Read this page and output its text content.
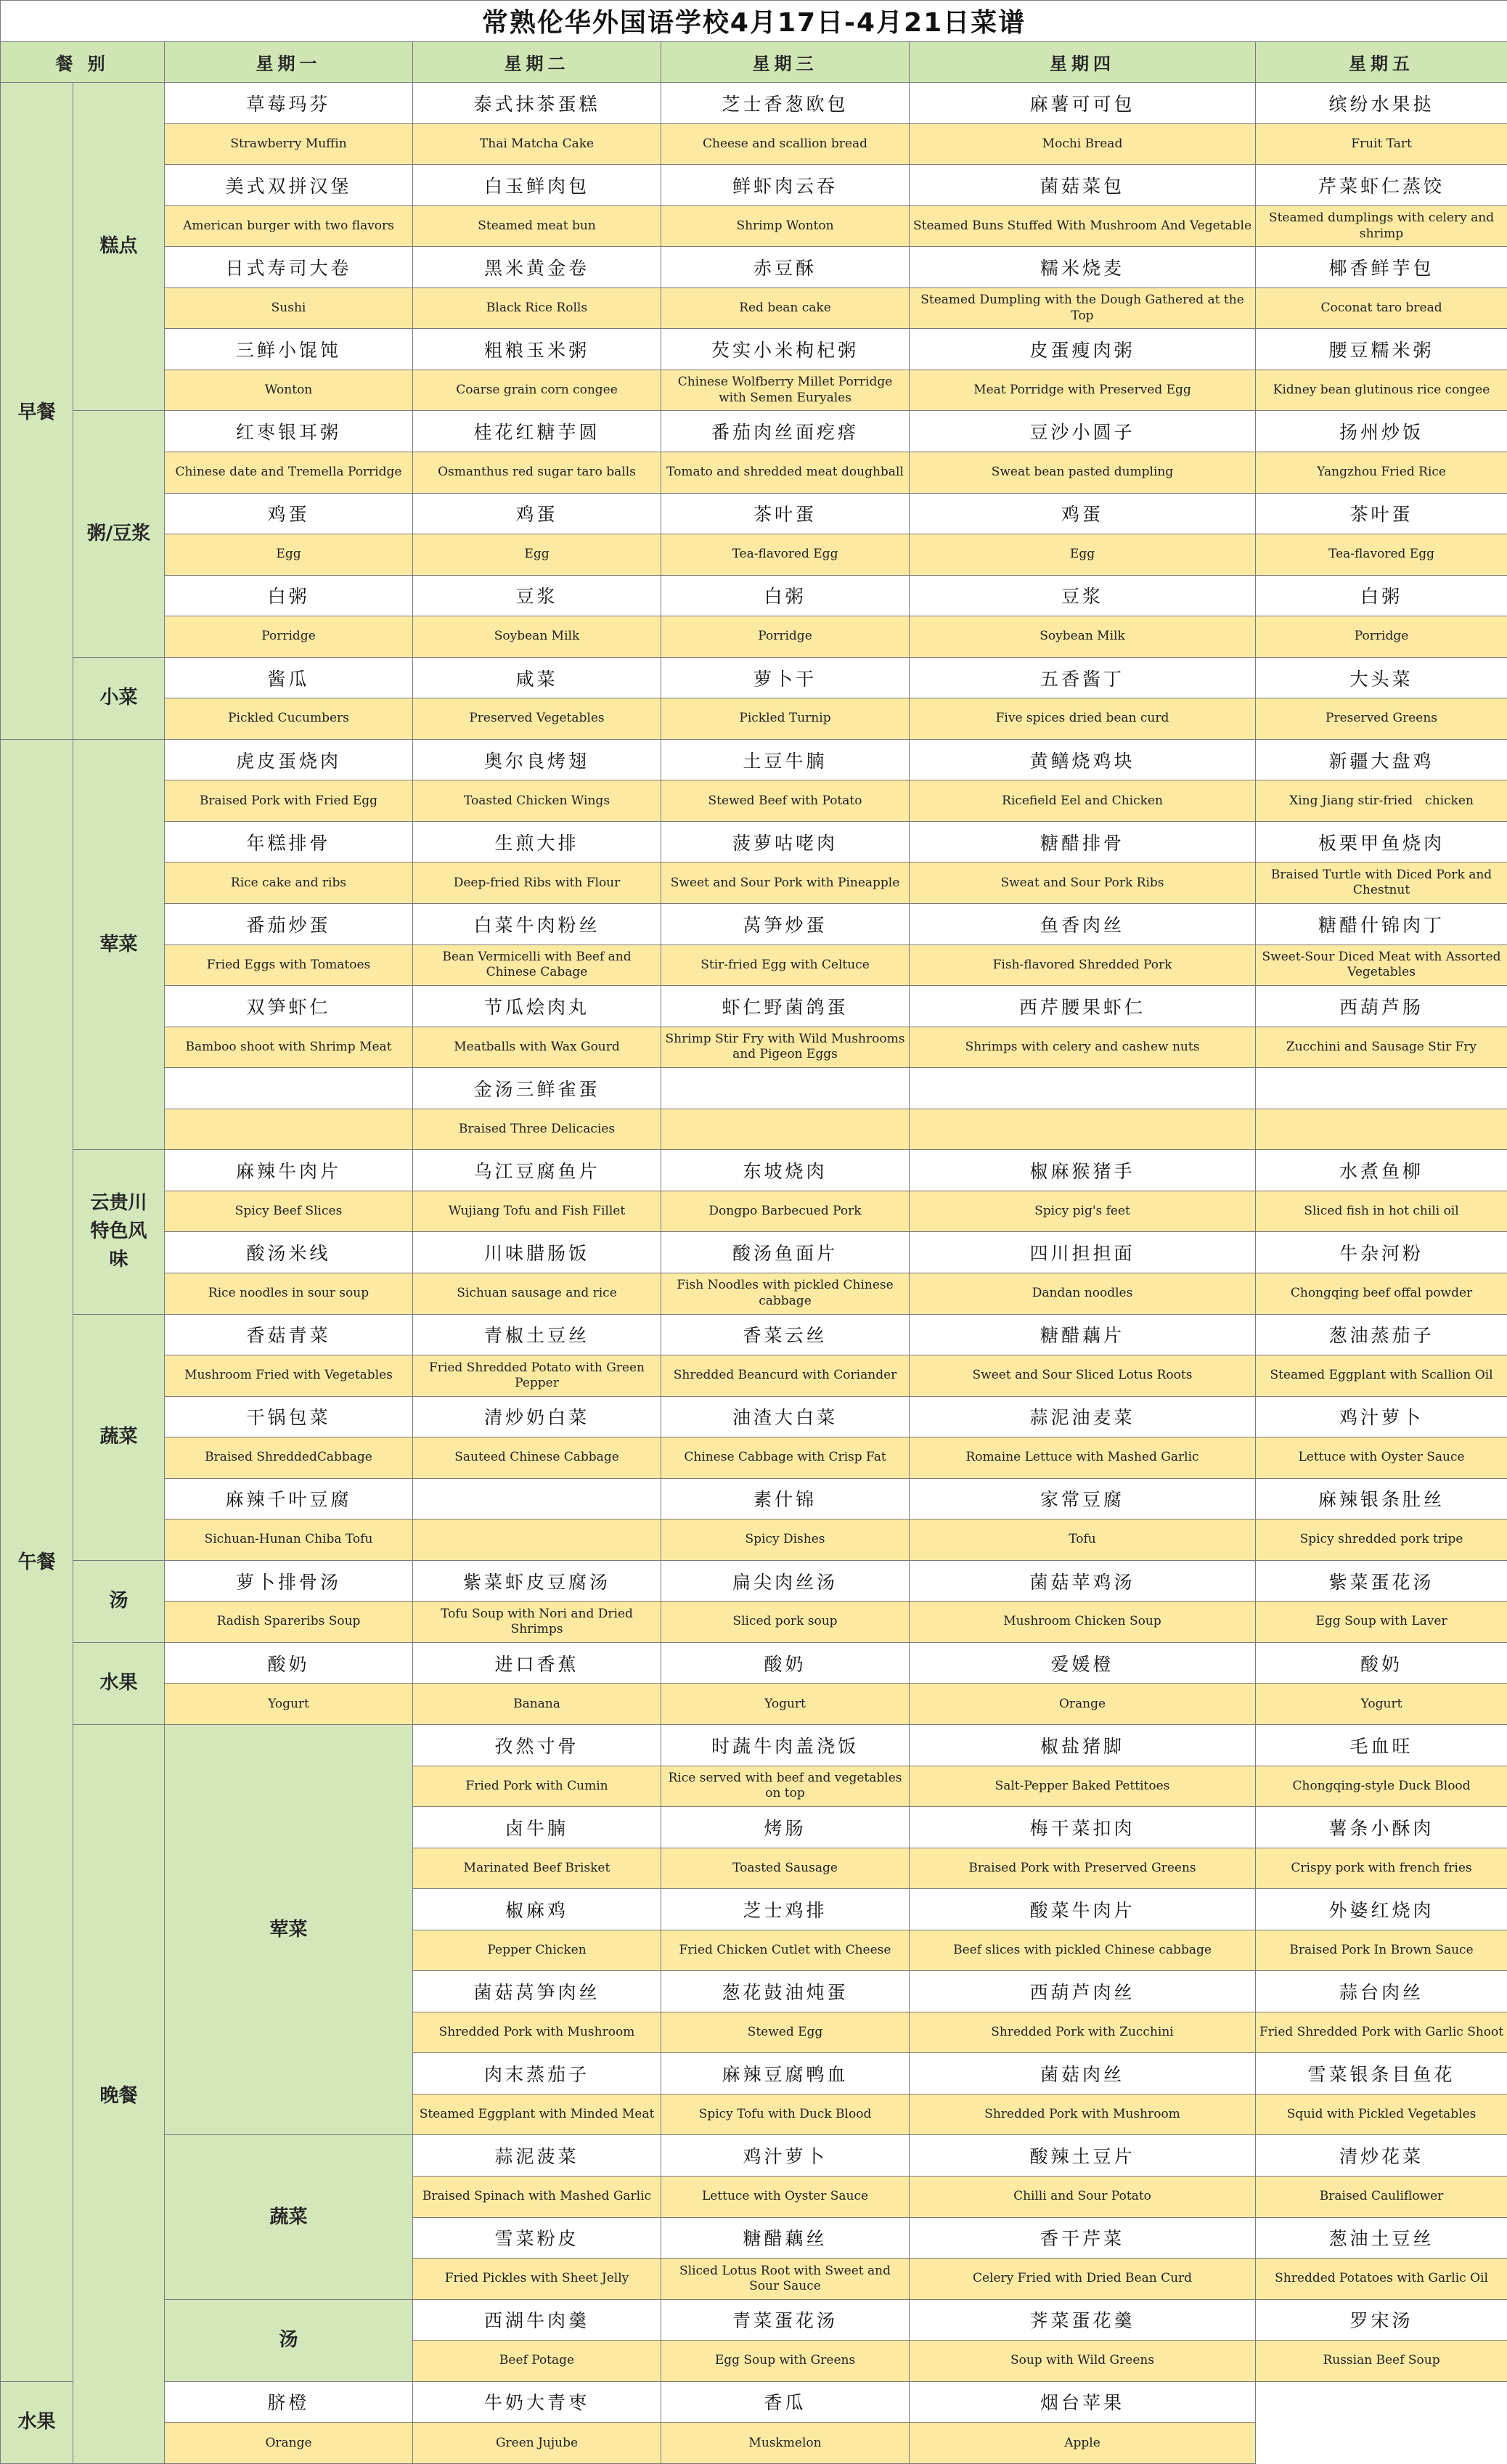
常熟伦华外国语学校4月17日-4月21日菜谱							
餐 别		星期一	星期二	星期三	星期四	星期五	
早餐	糕点	草莓玛芬	泰式抹茶蛋糕	芝士香葱欧包	麻薯可可包	缤纷水果挞	
		Strawberry Muffin	Thai Matcha Cake	Cheese and scallion bread	Mochi Bread	Fruit Tart	
		美式双拼汉堡	白玉鲜肉包	鲜虾肉云吞	菌菇菜包	芹菜虾仁蒸饺	
		American burger with two flavors	Steamed meat bun	Shrimp Wonton	Steamed Buns Stuffed With Mushroom And Vegetable	Steamed dumplings with celery and shrimp	
		日式寿司大卷	黑米黄金卷	赤豆酥	糯米烧麦	椰香鲜芋包	
		Sushi	Black Rice Rolls	Red bean cake	Steamed Dumpling with the Dough Gathered at the Top	Coconat taro bread	
		三鲜小馄饨	粗粮玉米粥	芡实小米枸杞粥	皮蛋瘦肉粥	腰豆糯米粥	
		Wonton	Coarse grain corn congee	Chinese Wolfberry Millet Porridge with Semen Euryales	Meat Porridge with Preserved Egg	Kidney bean glutinous rice congee	
	粥/豆浆	红枣银耳粥	桂花红糖芋圆	番茄肉丝面疙瘩	豆沙小圆子	扬州炒饭	
		Chinese date and Tremella Porridge	Osmanthus red sugar taro balls	Tomato and shredded meat doughball	Sweat bean pasted dumpling	Yangzhou Fried Rice	
		鸡蛋	鸡蛋	茶叶蛋	鸡蛋	茶叶蛋	
		Egg	Egg	Tea-flavored Egg	Egg	Tea-flavored Egg	
		白粥	豆浆	白粥	豆浆	白粥	
		Porridge	Soybean Milk	Porridge	Soybean Milk	Porridge	
	小菜	酱瓜	咸菜	萝卜干	五香酱丁	大头菜	
		Pickled Cucumbers	Preserved Vegetables	Pickled Turnip	Five spices dried bean curd	Preserved Greens	
午餐	荤菜	虎皮蛋烧肉	奥尔良烤翅	土豆牛腩	黄鳝烧鸡块	新疆大盘鸡	
		Braised Pork with Fried Egg	Toasted Chicken Wings	Stewed Beef with Potato	Ricefield Eel and Chicken	Xing Jiang stir-fried　chicken	
		年糕排骨	生煎大排	菠萝咕咾肉	糖醋排骨	板栗甲鱼烧肉	
		Rice cake and ribs	Deep-fried Ribs with Flour	Sweet and Sour Pork with Pineapple	Sweat and Sour Pork Ribs	Braised Turtle with Diced Pork and Chestnut	
		番茄炒蛋	白菜牛肉粉丝	莴笋炒蛋	鱼香肉丝	糖醋什锦肉丁	
		Fried Eggs with Tomatoes	Bean Vermicelli with Beef and Chinese Cabage	Stir-fried Egg with Celtuce	Fish-flavored Shredded Pork	Sweet-Sour Diced Meat with Assorted Vegetables	
		双笋虾仁	节瓜烩肉丸	虾仁野菌鸽蛋	西芹腰果虾仁	西葫芦肠	
		Bamboo shoot with Shrimp Meat	Meatballs with Wax Gourd	Shrimp Stir Fry with Wild Mushrooms and Pigeon Eggs	Shrimps with celery and cashew nuts	Zucchini and Sausage Stir Fry	
			金汤三鲜雀蛋				
			Braised Three Delicacies				
	云贵川特色风味	麻辣牛肉片	乌江豆腐鱼片	东坡烧肉	椒麻猴猪手	水煮鱼柳	
		Spicy Beef Slices	Wujiang Tofu and Fish Fillet	Dongpo Barbecued Pork	Spicy pig's feet	Sliced fish in hot chili oil	
		酸汤米线	川味腊肠饭	酸汤鱼面片	四川担担面	牛杂河粉	
		Rice noodles in sour soup	Sichuan sausage and rice	Fish Noodles with pickled Chinese cabbage	Dandan noodles	Chongqing beef offal powder	
	蔬菜	香菇青菜	青椒土豆丝	香菜云丝	糖醋藕片	葱油蒸茄子	
		Mushroom Fried with Vegetables	Fried Shredded Potato with Green Pepper	Shredded Beancurd with Coriander	Sweet and Sour Sliced Lotus Roots	Steamed Eggplant with Scallion Oil	
		干锅包菜	清炒奶白菜	油渣大白菜	蒜泥油麦菜	鸡汁萝卜	
		Braised ShreddedCabbage	Sauteed Chinese Cabbage	Chinese Cabbage with Crisp Fat	Romaine Lettuce with Mashed Garlic	Lettuce with Oyster Sauce	
		麻辣千叶豆腐		素什锦	家常豆腐	麻辣银条肚丝	
		Sichuan-Hunan Chiba Tofu		Spicy Dishes	Tofu	Spicy shredded pork tripe	
	汤	萝卜排骨汤	紫菜虾皮豆腐汤	扁尖肉丝汤	菌菇苹鸡汤	紫菜蛋花汤	
		Radish Spareribs Soup	Tofu Soup with Nori and Dried Shrimps	Sliced pork soup	Mushroom Chicken Soup	Egg Soup with Laver	
	水果	酸奶	进口香蕉	酸奶	爱媛橙	酸奶	
		Yogurt	Banana	Yogurt	Orange	Yogurt	
	晚餐	荤菜	孜然寸骨	时蔬牛肉盖浇饭	椒盐猪脚	毛血旺	

			Fried Pork with Cumin	Rice served with beef and vegetables on top	Salt-Pepper Baked Pettitoes	Chongqing-style Duck Blood	
			卤牛腩	烤肠	梅干菜扣肉	薯条小酥肉	
			Marinated Beef Brisket	Toasted Sausage	Braised Pork with Preserved Greens	Crispy pork with french fries	
			椒麻鸡	芝士鸡排	酸菜牛肉片	外婆红烧肉	
			Pepper Chicken	Fried Chicken Cutlet with Cheese	Beef slices with pickled Chinese cabbage	Braised Pork In Brown Sauce	
			菌菇莴笋肉丝	葱花鼓油炖蛋	西葫芦肉丝	蒜台肉丝	
			Shredded Pork with Mushroom	Stewed Egg	Shredded Pork with Zucchini	Fried Shredded Pork with Garlic Shoot	
			肉末蒸茄子	麻辣豆腐鸭血	菌菇肉丝	雪菜银条目鱼花	
			Steamed Eggplant with Minded Meat	Spicy Tofu with Duck Blood	Shredded Pork with Mushroom	Squid with Pickled Vegetables	
		蔬菜	蒜泥菠菜	鸡汁萝卜	酸辣土豆片	清炒花菜	
			Braised Spinach with Mashed Garlic	Lettuce with Oyster Sauce	Chilli and Sour Potato	Braised Cauliflower	
			雪菜粉皮	糖醋藕丝	香干芹菜	葱油土豆丝	
			Fried Pickles with Sheet Jelly	Sliced Lotus Root with Sweet and Sour Sauce	Celery Fried with Dried Bean Curd	Shredded Potatoes with Garlic Oil	
		汤	西湖牛肉羹	青菜蛋花汤	荠菜蛋花羹	罗宋汤	
			Beef Potage	Egg Soup with Greens	Soup with Wild Greens	Russian Beef Soup	
水果		脐橙	牛奶大青枣	香瓜	烟台苹果		
		Orange	Green Jujube	Muskmelon	Apple		
